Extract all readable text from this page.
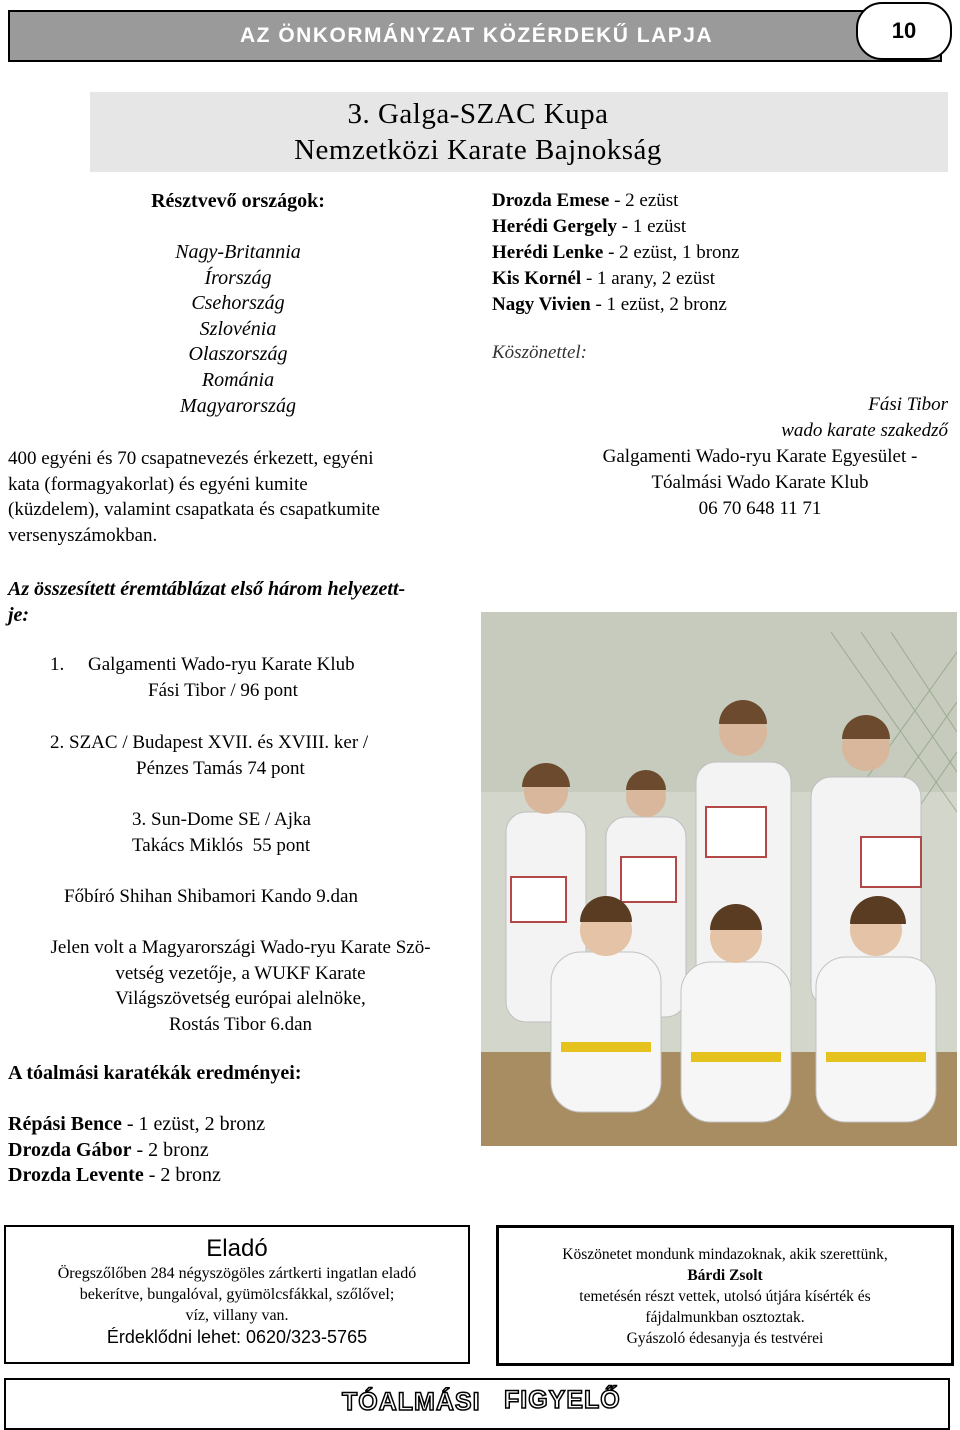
AZ ÖNKORMÁNYZAT KÖZÉRDEKŰ LAPJA	10
3. Galga-SZAC Kupa
Nemzetközi Karate Bajnokság
Résztvevő országok:
Nagy-Britannia
Írország
Csehország
Szlovénia
Olaszország
Románia
Magyarország
400 egyéni és 70 csapatnevezés érkezett, egyéni
kata (formagyakorlat) és egyéni kumite
(küzdelem), valamint csapatkata és csapatkumite
versenyszámokban.
Az összesített éremtáblázat első három helyezett-
je:
1.     Galgamenti Wado-ryu Karate Klub
Fási Tibor / 96 pont
2. SZAC / Budapest XVII. és XVIII. ker /
Pénzes Tamás 74 pont
3. Sun-Dome SE / Ajka
Takács Miklós  55 pont
Főbíró Shihan Shibamori Kando 9.dan
Jelen volt a Magyarországi Wado-ryu Karate Szö-
vetség vezetője, a WUKF Karate
Világszövetség európai alelnöke,
Rostás Tibor 6.dan
A tóalmási karatékák eredményei:
Répási Bence - 1 ezüst, 2 bronz
Drozda Gábor - 2 bronz
Drozda Levente - 2 bronz
Drozda Emese - 2 ezüst
Herédi Gergely - 1 ezüst
Herédi Lenke - 2 ezüst, 1 bronz
Kis Kornél - 1 arany, 2 ezüst
Nagy Vivien - 1 ezüst, 2 bronz
Köszönettel:
Fási Tibor
wado karate szakedző
Galgamenti Wado-ryu Karate Egyesület -
Tóalmási Wado Karate Klub
06 70 648 11 71
Eladó
Öregszőlőben 284 négyszögöles zártkerti ingatlan eladó
bekerítve, bungalóval, gyümölcsfákkal, szőlővel;
víz, villany van.
Érdeklődni lehet: 0620/323-5765
Köszönetet mondunk mindazoknak, akik szerettünk,
Bárdi Zsolt
temetésén részt vettek, utolsó útjára kísérték és
fájdalmunkban osztoztak.
Gyászoló édesanyja és testvérei
TÓALMÁSI FIGYELŐ
